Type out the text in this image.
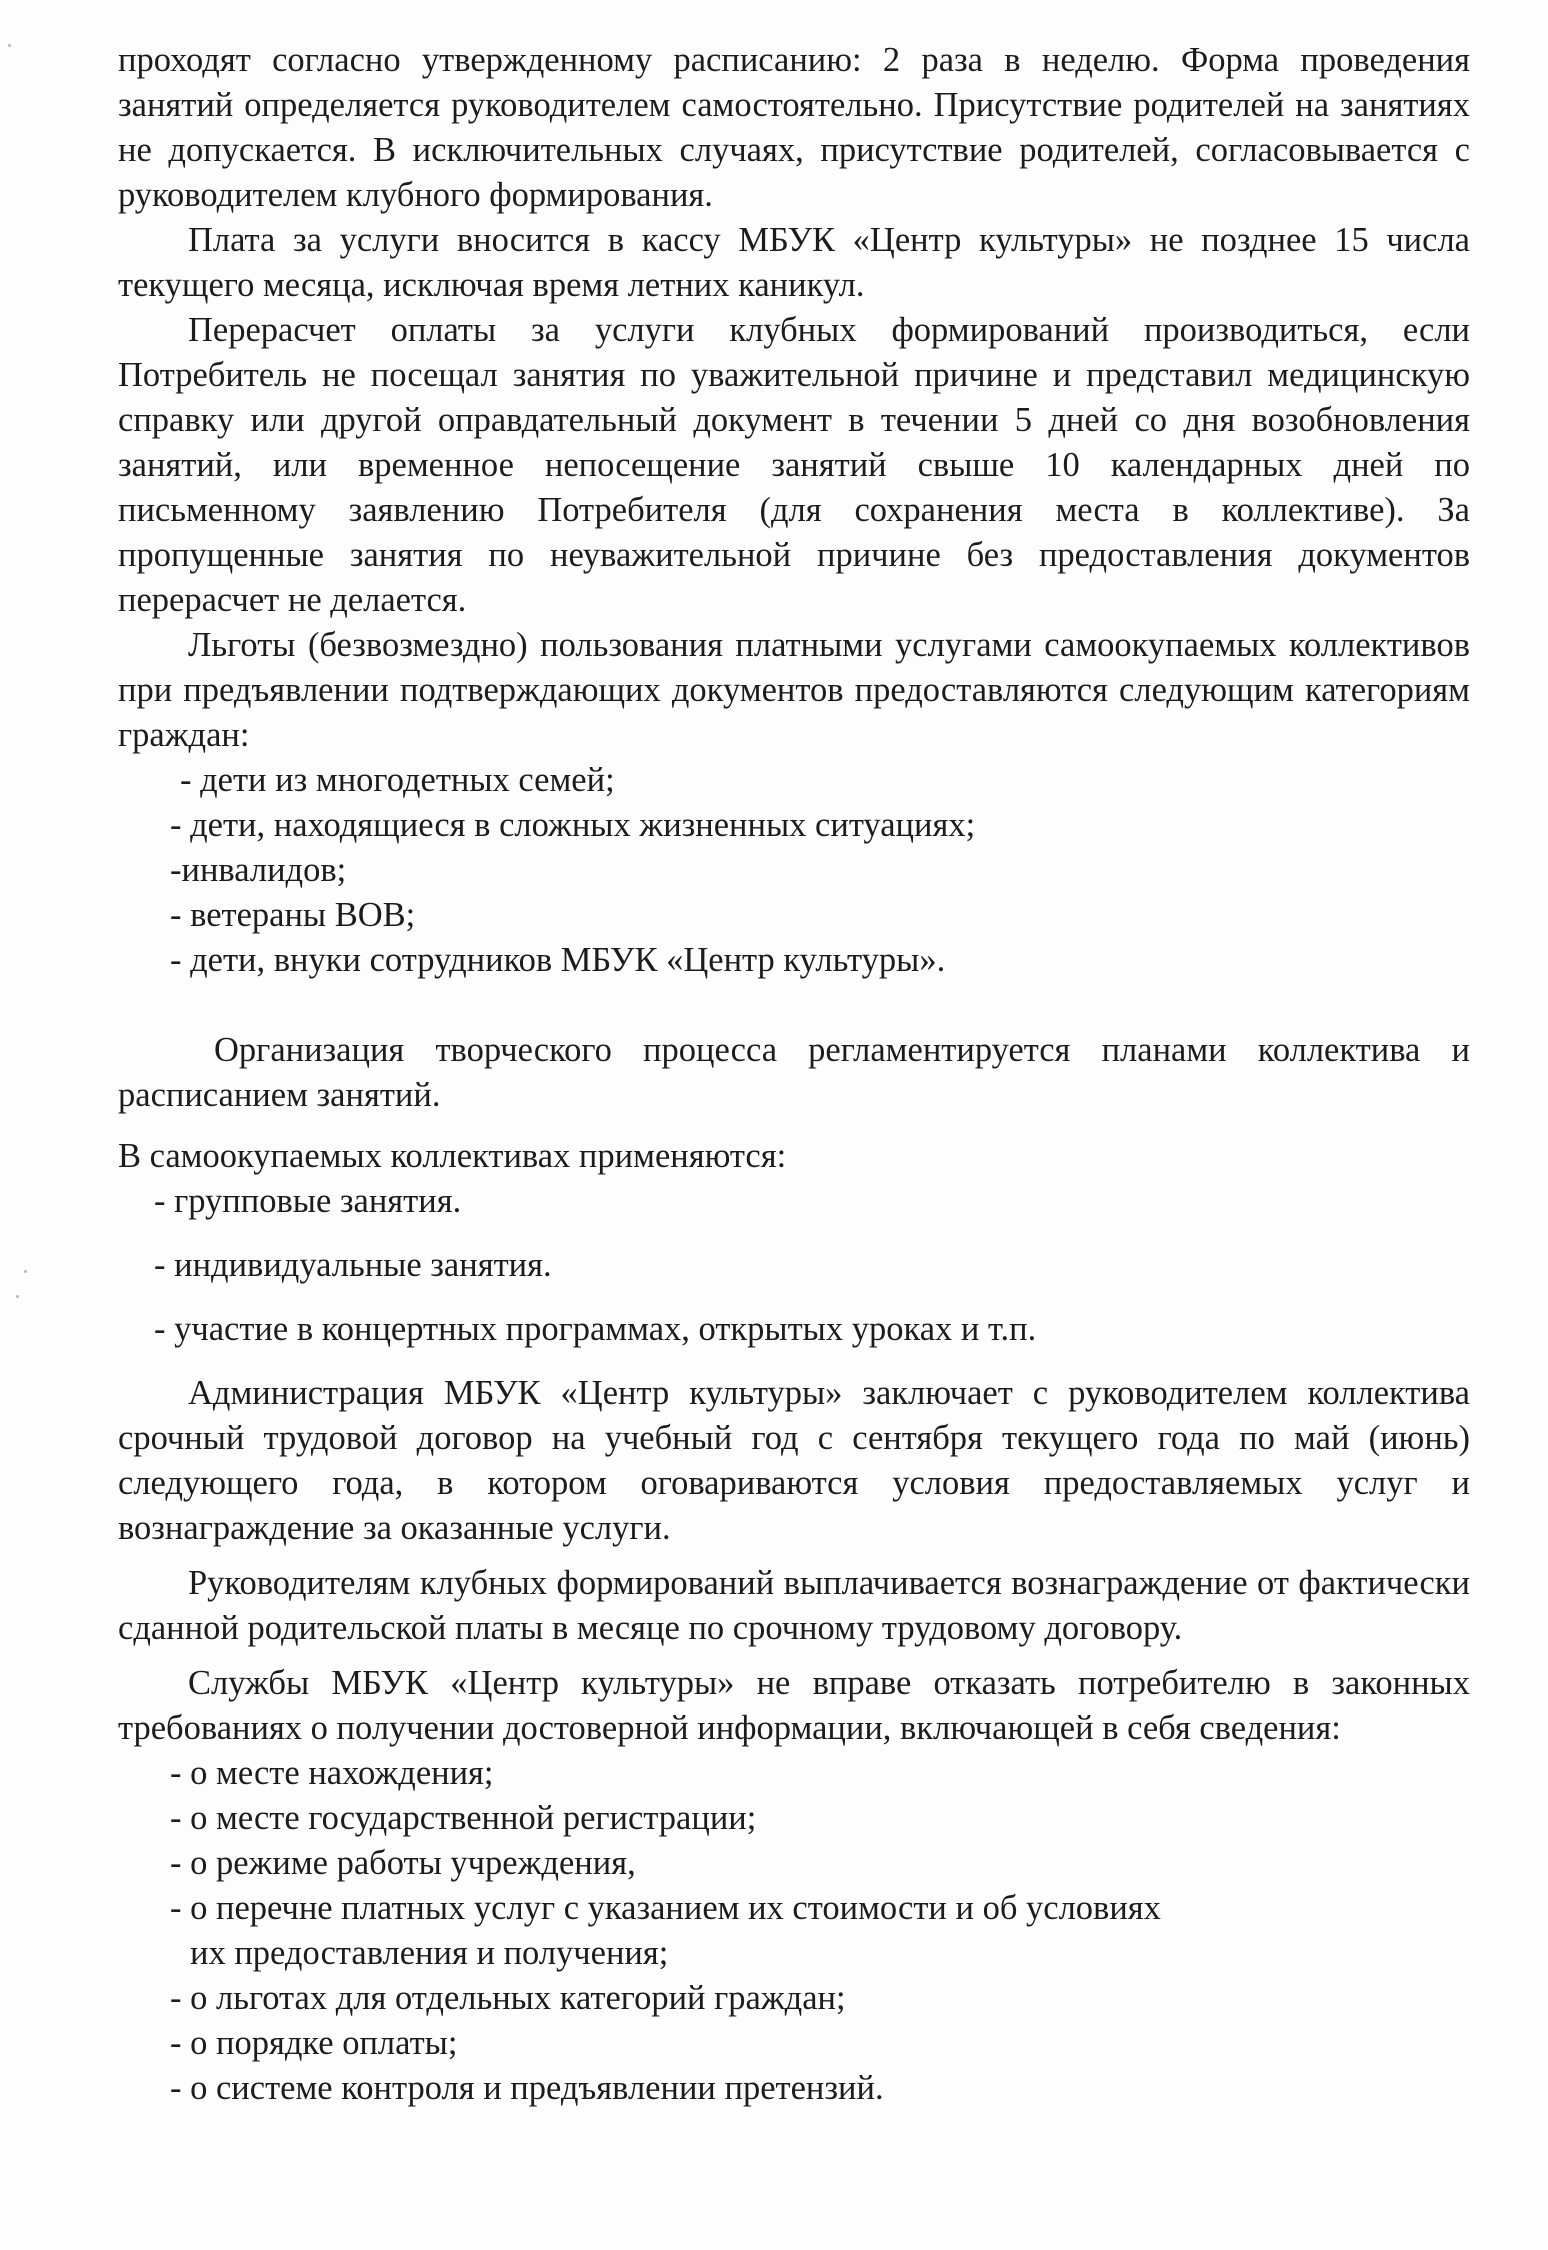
проходят согласно утвержденному расписанию: 2 раза в неделю. Форма проведения занятий определяется руководителем самостоятельно. Присутствие родителей на занятиях не допускается. В исключительных случаях, присутствие родителей, согласовывается с руководителем клубного формирования.

Плата за услуги вносится в кассу МБУК «Центр культуры» не позднее 15 числа текущего месяца, исключая время летних каникул.

Перерасчет оплаты за услуги клубных формирований производиться, если Потребитель не посещал занятия по уважительной причине и представил медицинскую справку или другой оправдательный документ в течении 5 дней со дня возобновления занятий, или временное непосещение занятий свыше 10 календарных дней по письменному заявлению Потребителя (для сохранения места в коллективе). За пропущенные занятия по неуважительной причине без предоставления документов перерасчет не делается.

Льготы (безвозмездно) пользования платными услугами самоокупаемых коллективов при предъявлении подтверждающих документов предоставляются следующим категориям граждан:

- дети из многодетных семей;
- дети, находящиеся в сложных жизненных ситуациях;
-инвалидов;
- ветераны ВОВ;
- дети, внуки сотрудников МБУК «Центр культуры».

Организация творческого процесса регламентируется планами коллектива и расписанием занятий.

В самоокупаемых коллективах применяются:

- групповые занятия.
- индивидуальные занятия.
- участие в концертных программах, открытых уроках и т.п.

Администрация МБУК «Центр культуры» заключает с руководителем коллектива срочный трудовой договор на учебный год с сентября текущего года по май (июнь) следующего года, в котором оговариваются условия предоставляемых услуг и вознаграждение за оказанные услуги.

Руководителям клубных формирований выплачивается вознаграждение от фактически сданной родительской платы в месяце по срочному трудовому договору.

Службы МБУК «Центр культуры» не вправе отказать потребителю в законных требованиях о получении достоверной информации, включающей в себя сведения:

- о месте нахождения;
- о месте государственной регистрации;
- о режиме работы учреждения,
- о перечне платных услуг с указанием их стоимости и об условиях
их предоставления и получения;
- о льготах для отдельных категорий граждан;
- о порядке оплаты;
- о системе контроля и предъявлении претензий.
